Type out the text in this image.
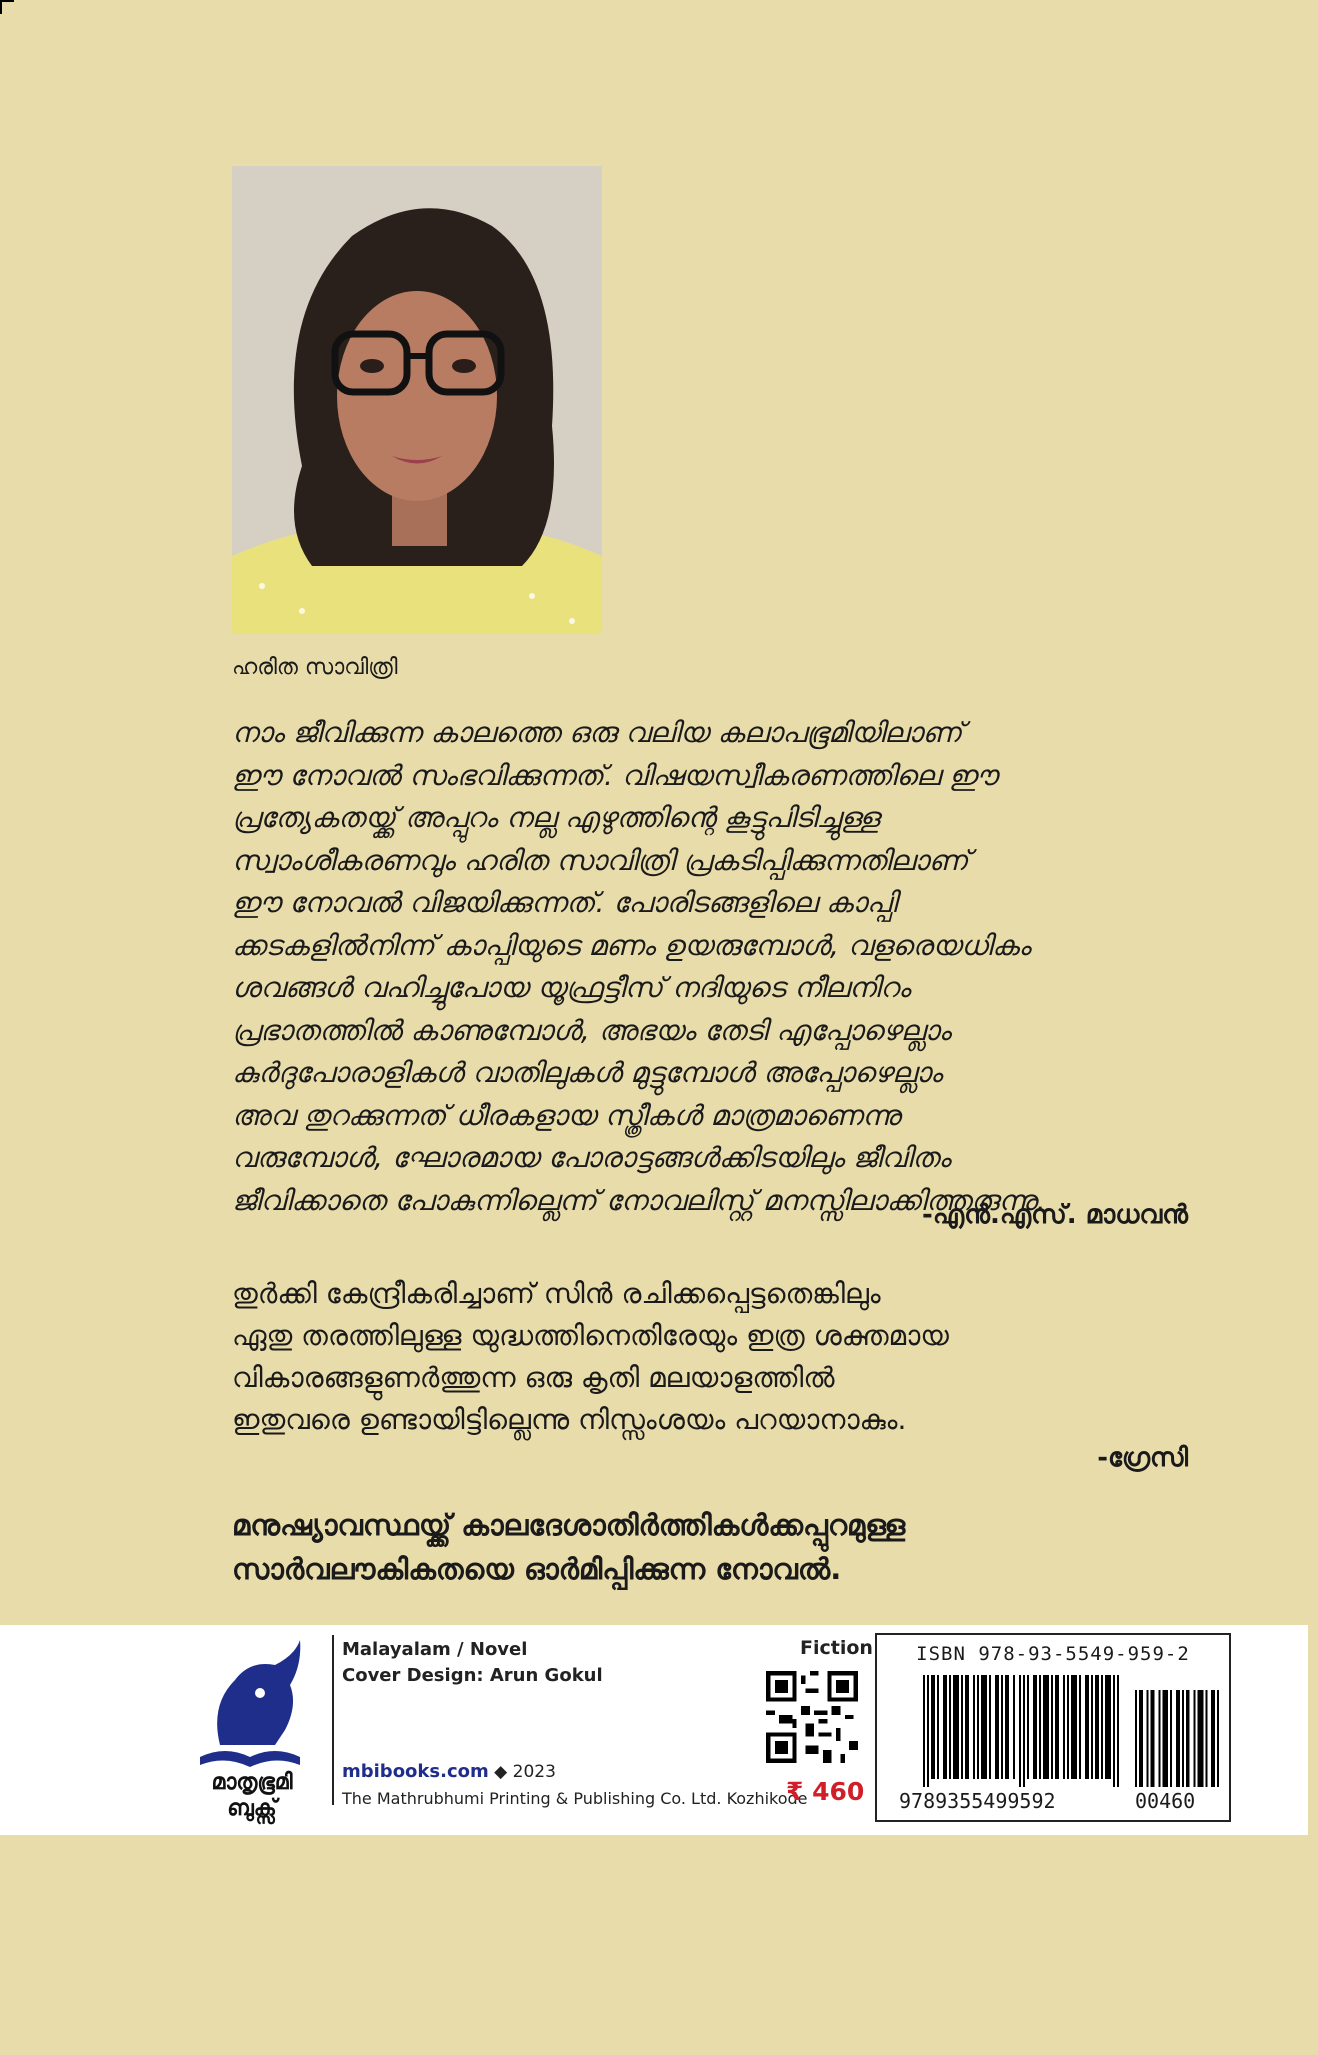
ഹരിത സാവിത്രി

നാം ജീവിക്കുന്ന കാലത്തെ ഒരു വലിയ കലാപഭൂമിയിലാണ്

ഈ നോവൽ സംഭവിക്കുന്നത്. വിഷയസ്വീകരണത്തിലെ ഈ

പ്രത്യേകതയ്ക്ക് അപ്പുറം നല്ല എഴുത്തിന്റെ കൂട്ടുപിടിച്ചുള്ള

സ്വാംശീകരണവും ഹരിത സാവിത്രി പ്രകടിപ്പിക്കുന്നതിലാണ്

ഈ നോവൽ വിജയിക്കുന്നത്. പോരിടങ്ങളിലെ കാപ്പി

ക്കടകളിൽനിന്ന് കാപ്പിയുടെ മണം ഉയരുമ്പോൾ, വളരെയധികം

ശവങ്ങൾ വഹിച്ചുപോയ യൂഫ്രട്ടീസ് നദിയുടെ നീലനിറം

പ്രഭാതത്തിൽ കാണുമ്പോൾ, അഭയം തേടി എപ്പോഴെല്ലാം

കുർദുപോരാളികൾ വാതിലുകൾ മുട്ടുമ്പോൾ അപ്പോഴെല്ലാം

അവ തുറക്കുന്നത് ധീരകളായ സ്ത്രീകൾ മാത്രമാണെന്നു

വരുമ്പോൾ, ഘോരമായ പോരാട്ടങ്ങൾക്കിടയിലും ജീവിതം

ജീവിക്കാതെ പോകുന്നില്ലെന്ന് നോവലിസ്റ്റ് മനസ്സിലാക്കിത്തരുന്നു.

-എൻ.എസ്. മാധവൻ

തുർക്കി കേന്ദ്രീകരിച്ചാണ് സിൻ രചിക്കപ്പെട്ടതെങ്കിലും

ഏതു തരത്തിലുള്ള യുദ്ധത്തിനെതിരേയും ഇത്ര ശക്തമായ

വികാരങ്ങളുണർത്തുന്ന ഒരു കൃതി മലയാളത്തിൽ

ഇതുവരെ ഉണ്ടായിട്ടില്ലെന്നു നിസ്സംശയം പറയാനാകും.

-ഗ്രേസി

മനുഷ്യാവസ്ഥയ്ക്ക് കാലദേശാതിർത്തികൾക്കപ്പുറമുള്ള

സാർവലൗകികതയെ ഓർമിപ്പിക്കുന്ന നോവൽ.

മാതൃഭൂമി
ബുക്സ്
Malayalam / Novel
Cover Design: Arun Gokul
mbibooks.com ◆ 2023
The Mathrubhumi Printing & Publishing Co. Ltd. Kozhikode
Fiction
₹ 460
ISBN 978-93-5549-959-2
9789355499592	00460
